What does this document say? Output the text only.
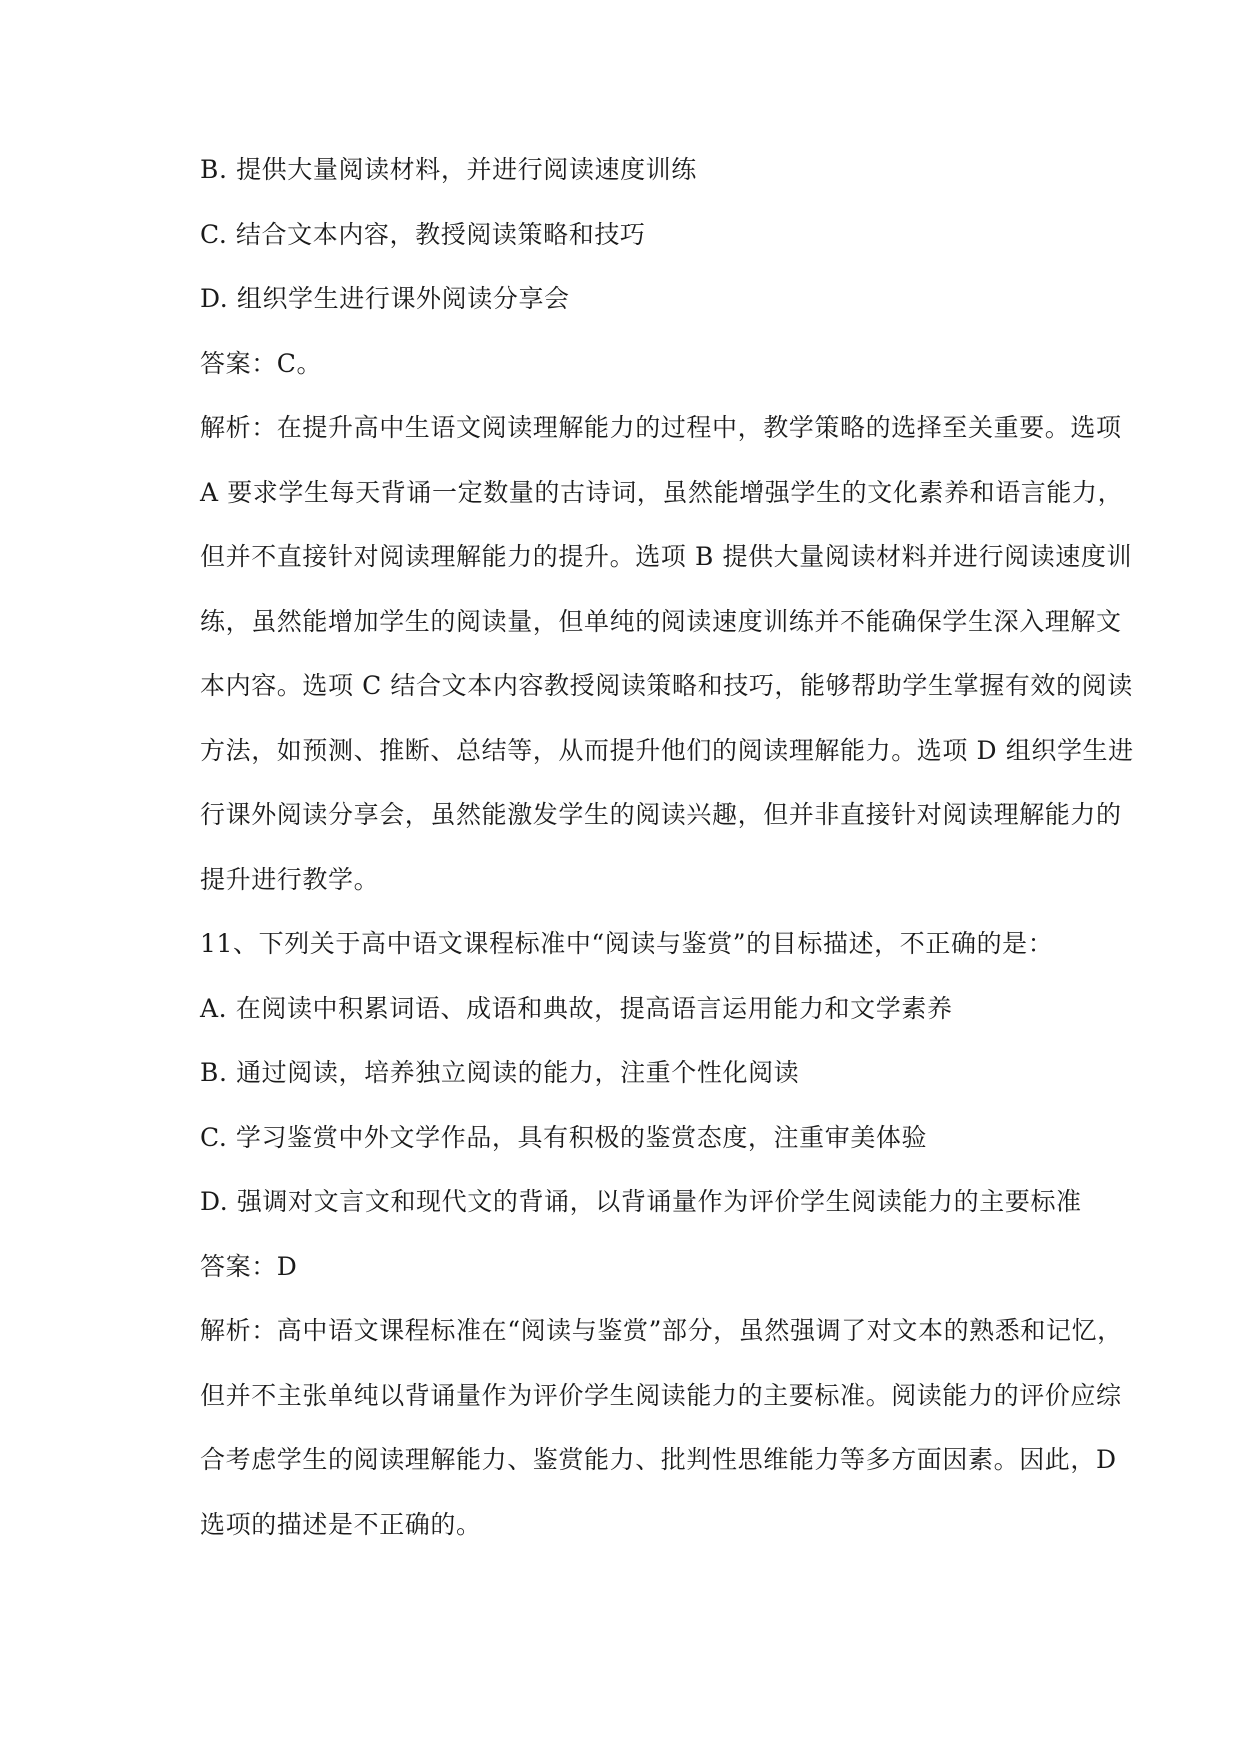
B. 提供大量阅读材料，并进行阅读速度训练
C. 结合文本内容，教授阅读策略和技巧
D. 组织学生进行课外阅读分享会
答案：C。
解析：在提升高中生语文阅读理解能力的过程中，教学策略的选择至关重要。选项
A 要求学生每天背诵一定数量的古诗词，虽然能增强学生的文化素养和语言能力，
但并不直接针对阅读理解能力的提升。选项 B 提供大量阅读材料并进行阅读速度训
练，虽然能增加学生的阅读量，但单纯的阅读速度训练并不能确保学生深入理解文
本内容。选项 C 结合文本内容教授阅读策略和技巧，能够帮助学生掌握有效的阅读
方法，如预测、推断、总结等，从而提升他们的阅读理解能力。选项 D 组织学生进
行课外阅读分享会，虽然能激发学生的阅读兴趣，但并非直接针对阅读理解能力的
提升进行教学。
11、下列关于高中语文课程标准中“阅读与鉴赏”的目标描述，不正确的是：
A. 在阅读中积累词语、成语和典故，提高语言运用能力和文学素养
B. 通过阅读，培养独立阅读的能力，注重个性化阅读
C. 学习鉴赏中外文学作品，具有积极的鉴赏态度，注重审美体验
D. 强调对文言文和现代文的背诵，以背诵量作为评价学生阅读能力的主要标准
答案：D
解析：高中语文课程标准在“阅读与鉴赏”部分，虽然强调了对文本的熟悉和记忆，
但并不主张单纯以背诵量作为评价学生阅读能力的主要标准。阅读能力的评价应综
合考虑学生的阅读理解能力、鉴赏能力、批判性思维能力等多方面因素。因此，D
选项的描述是不正确的。
